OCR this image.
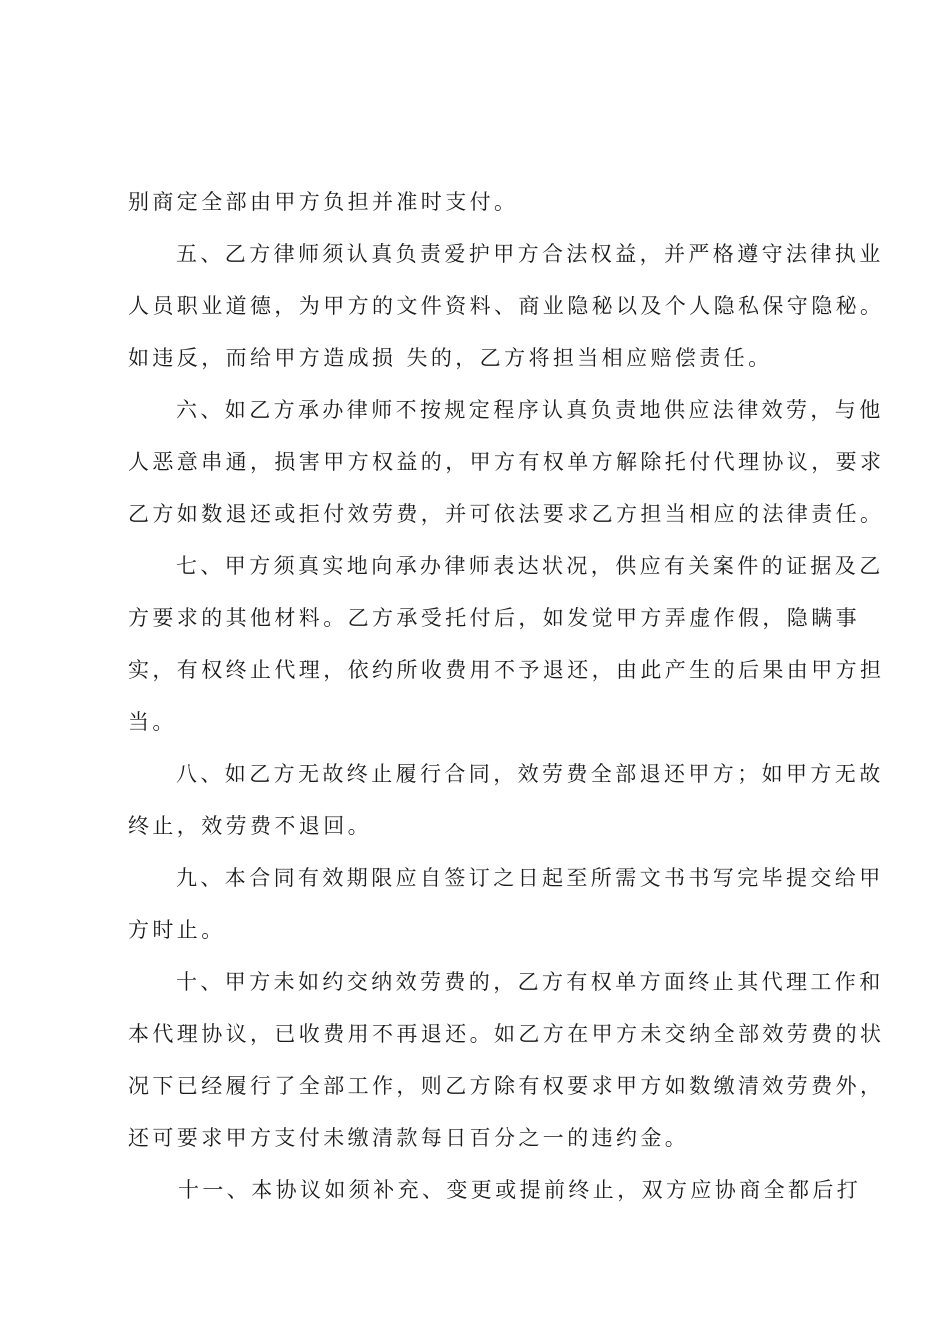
别商定全部由甲方负担并准时支付。
五、乙方律师须认真负责爱护甲方合法权益，并严格遵守法律执业
人员职业道德，为甲方的文件资料、商业隐秘以及个人隐私保守隐秘。
如违反，而给甲方造成损 失的，乙方将担当相应赔偿责任。
六、如乙方承办律师不按规定程序认真负责地供应法律效劳，与他
人恶意串通，损害甲方权益的，甲方有权单方解除托付代理协议，要求
乙方如数退还或拒付效劳费，并可依法要求乙方担当相应的法律责任。
七、甲方须真实地向承办律师表达状况，供应有关案件的证据及乙
方要求的其他材料。乙方承受托付后，如发觉甲方弄虚作假，隐瞒事
实，有权终止代理，依约所收费用不予退还，由此产生的后果由甲方担
当。
八、如乙方无故终止履行合同，效劳费全部退还甲方；如甲方无故
终止，效劳费不退回。
九、本合同有效期限应自签订之日起至所需文书书写完毕提交给甲
方时止。
十、甲方未如约交纳效劳费的，乙方有权单方面终止其代理工作和
本代理协议，已收费用不再退还。如乙方在甲方未交纳全部效劳费的状
况下已经履行了全部工作，则乙方除有权要求甲方如数缴清效劳费外，
还可要求甲方支付未缴清款每日百分之一的违约金。
十一、本协议如须补充、变更或提前终止，双方应协商全都后打
